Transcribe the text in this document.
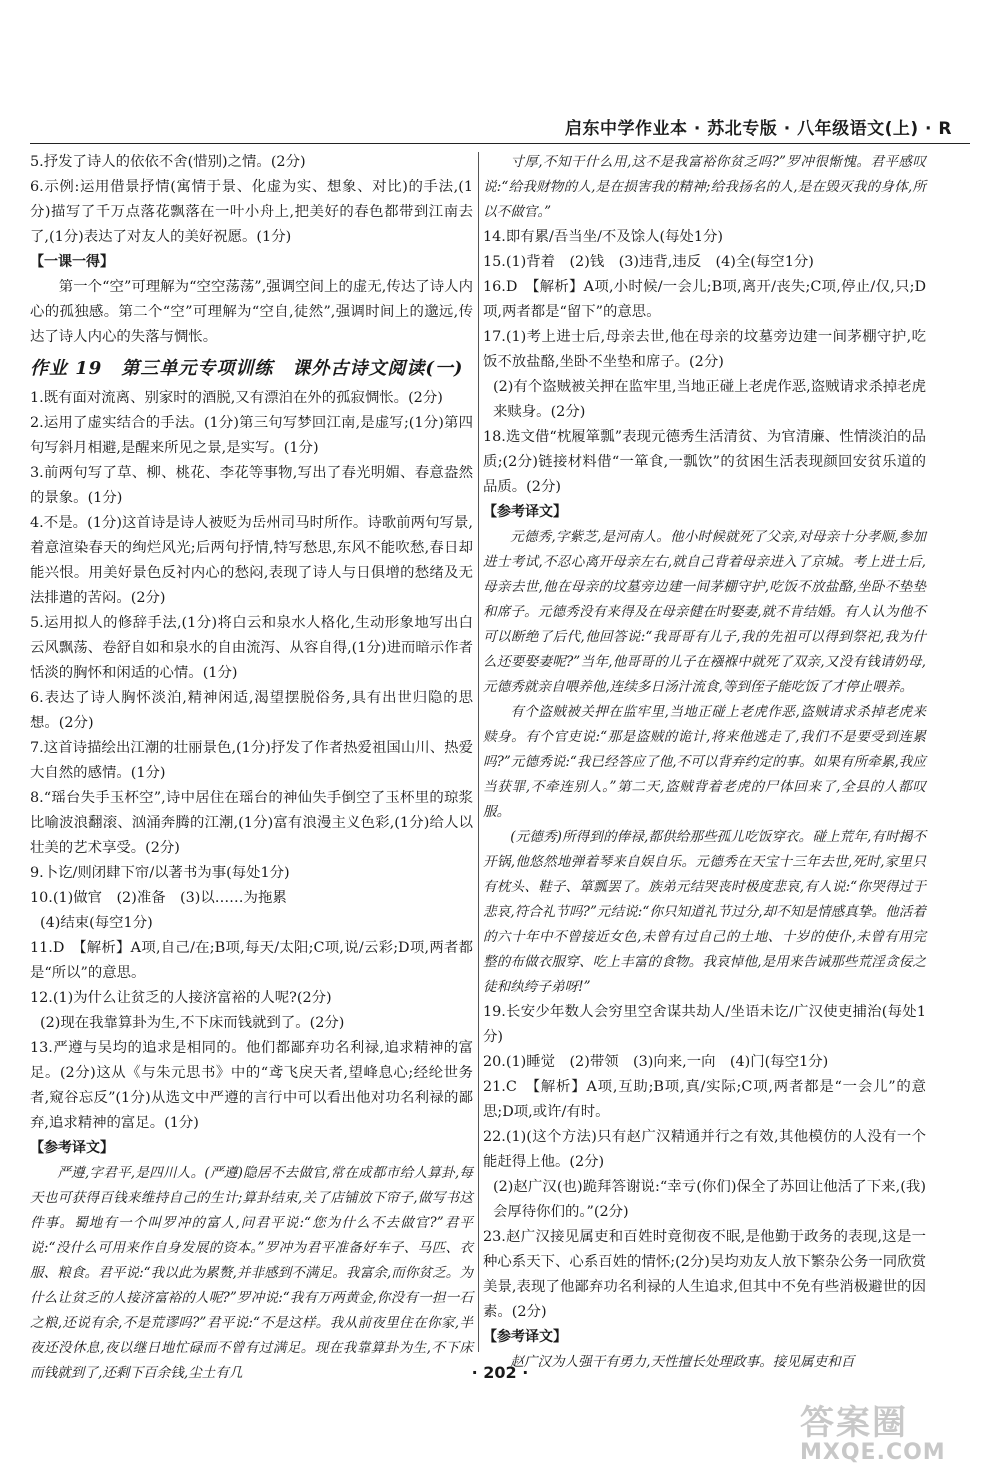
启东中学作业本 · 苏北专版 · 八年级语文(上) · R

5.抒发了诗人的依依不舍(惜别)之情。(2分)

6.示例:运用借景抒情(寓情于景、化虚为实、想象、对比)的手法,(1分)描写了千万点落花飘落在一叶小舟上,把美好的春色都带到江南去了,(1分)表达了对友人的美好祝愿。(1分)

【一课一得】

第一个“空”可理解为“空空荡荡”,强调空间上的虚无,传达了诗人内心的孤独感。第二个“空”可理解为“空自,徒然”,强调时间上的邈远,传达了诗人内心的失落与惆怅。

作业 19　第三单元专项训练　课外古诗文阅读(一)

1.既有面对流离、别家时的酒脱,又有漂泊在外的孤寂惆怅。(2分)

2.运用了虚实结合的手法。(1分)第三句写梦回江南,是虚写;(1分)第四句写斜月相避,是醒来所见之景,是实写。(1分)

3.前两句写了草、柳、桃花、李花等事物,写出了春光明媚、春意盎然的景象。(1分)

4.不是。(1分)这首诗是诗人被贬为岳州司马时所作。诗歌前两句写景,着意渲染春天的绚烂风光;后两句抒情,特写愁思,东风不能吹愁,春日却能兴恨。用美好景色反衬内心的愁闷,表现了诗人与日俱增的愁绪及无法排遣的苦闷。(2分)

5.运用拟人的修辞手法,(1分)将白云和泉水人格化,生动形象地写出白云风飘荡、卷舒自如和泉水的自由流泻、从容自得,(1分)进而暗示作者恬淡的胸怀和闲适的心情。(1分)

6.表达了诗人胸怀淡泊,精神闲适,渴望摆脱俗务,具有出世归隐的思想。(2分)

7.这首诗描绘出江潮的壮丽景色,(1分)抒发了作者热爱祖国山川、热爱大自然的感情。(1分)

8.“瑶台失手玉杯空”,诗中居住在瑶台的神仙失手倒空了玉杯里的琼浆比喻波浪翻滚、汹涌奔腾的江潮,(1分)富有浪漫主义色彩,(1分)给人以壮美的艺术享受。(2分)

9.卜讫/则闭肆下帘/以著书为事(每处1分)

10.(1)做官　(2)准备　(3)以……为拖累

(4)结束(每空1分)

11.D　【解析】A项,自己/在;B项,每天/太阳;C项,说/云彩;D项,两者都是“所以”的意思。

12.(1)为什么让贫乏的人接济富裕的人呢?(2分)

(2)现在我靠算卦为生,不下床而钱就到了。(2分)

13.严遵与吴均的追求是相同的。他们都鄙弃功名利禄,追求精神的富足。(2分)这从《与朱元思书》中的“鸢飞戾天者,望峰息心;经纶世务者,窥谷忘反”(1分)从选文中严遵的言行中可以看出他对功名利禄的鄙弃,追求精神的富足。(1分)

【参考译文】

严遵,字君平,是四川人。(严遵)隐居不去做官,常在成都市给人算卦,每天也可获得百钱来维持自己的生计;算卦结束,关了店铺放下帘子,做写书这件事。蜀地有一个叫罗冲的富人,问君平说:“您为什么不去做官?”君平说:“没什么可用来作自身发展的资本。”罗冲为君平准备好车子、马匹、衣服、粮食。君平说:“我以此为累赘,并非感到不满足。我富余,而你贫乏。为什么让贫乏的人接济富裕的人呢?”罗冲说:“我有万两黄金,你没有一担一石之粮,还说有余,不是荒谬吗?”君平说:“不是这样。我从前夜里住在你家,半夜还没休息,夜以继日地忙碌而不曾有过满足。现在我靠算卦为生,不下床而钱就到了,还剩下百余钱,尘土有几

寸厚,不知干什么用,这不是我富裕你贫乏吗?”罗冲很惭愧。君平感叹说:“给我财物的人,是在损害我的精神;给我扬名的人,是在毁灭我的身体,所以不做官。”

14.即有累/吾当坐/不及馀人(每处1分)

15.(1)背着　(2)钱　(3)违背,违反　(4)全(每空1分)

16.D　【解析】A项,小时候/一会儿;B项,离开/丧失;C项,停止/仅,只;D项,两者都是“留下”的意思。

17.(1)考上进士后,母亲去世,他在母亲的坟墓旁边建一间茅棚守护,吃饭不放盐酪,坐卧不坐垫和席子。(2分)

(2)有个盗贼被关押在监牢里,当地正碰上老虎作恶,盗贼请求杀掉老虎来赎身。(2分)

18.选文借“枕履箪瓢”表现元德秀生活清贫、为官清廉、性情淡泊的品质;(2分)链接材料借“一箪食,一瓢饮”的贫困生活表现颜回安贫乐道的品质。(2分)

【参考译文】

元德秀,字紫芝,是河南人。他小时候就死了父亲,对母亲十分孝顺,参加进士考试,不忍心离开母亲左右,就自己背着母亲进入了京城。考上进士后,母亲去世,他在母亲的坟墓旁边建一间茅棚守护,吃饭不放盐酪,坐卧不垫垫和席子。元德秀没有来得及在母亲健在时娶妻,就不肯结婚。有人认为他不可以断绝了后代,他回答说:“我哥哥有儿子,我的先祖可以得到祭祀,我为什么还要娶妻呢?”当年,他哥哥的儿子在襁褓中就死了双亲,又没有钱请奶母,元德秀就亲自喂养他,连续多日汤汁流食,等到侄子能吃饭了才停止喂养。

有个盗贼被关押在监牢里,当地正碰上老虎作恶,盗贼请求杀掉老虎来赎身。有个官吏说:“那是盗贼的诡计,将来他逃走了,我们不是要受到连累吗?”元德秀说:“我已经答应了他,不可以背弃约定的事。如果有所牵累,我应当获罪,不牵连别人。”第二天,盗贼背着老虎的尸体回来了,全县的人都叹服。

(元德秀)所得到的俸禄,都供给那些孤儿吃饭穿衣。碰上荒年,有时揭不开锅,他悠然地弹着琴来自娱自乐。元德秀在天宝十三年去世,死时,家里只有枕头、鞋子、箪瓢罢了。族弟元结哭丧时极度悲哀,有人说:“你哭得过于悲哀,符合礼节吗?”元结说:“你只知道礼节过分,却不知是情感真挚。他活着的六十年中不曾接近女色,未曾有过自己的土地、十岁的使仆,未曾有用完整的布做衣服穿、吃上丰富的食物。我哀悼他,是用来告诫那些荒淫贪佞之徒和纨绔子弟呀!”

19.长安少年数人会穷里空舍谋共劫人/坐语未讫/广汉使吏捕治(每处1分)

20.(1)睡觉　(2)带领　(3)向来,一向　(4)门(每空1分)

21.C　【解析】A项,互助;B项,真/实际;C项,两者都是“一会儿”的意思;D项,或许/有时。

22.(1)(这个方法)只有赵广汉精通并行之有效,其他模仿的人没有一个能赶得上他。(2分)

(2)赵广汉(也)跪拜答谢说:“幸亏(你们)保全了苏回让他活了下来,(我)会厚待你们的。”(2分)

23.赵广汉接见属吏和百姓时竟彻夜不眠,是他勤于政务的表现,这是一种心系天下、心系百姓的情怀;(2分)吴均劝友人放下繁杂公务一同欣赏美景,表现了他鄙弃功名利禄的人生追求,但其中不免有些消极避世的因素。(2分)

【参考译文】

赵广汉为人强干有勇力,天性擅长处理政事。接见属吏和百

· 202 ·
答案圈
MXQE.COM
